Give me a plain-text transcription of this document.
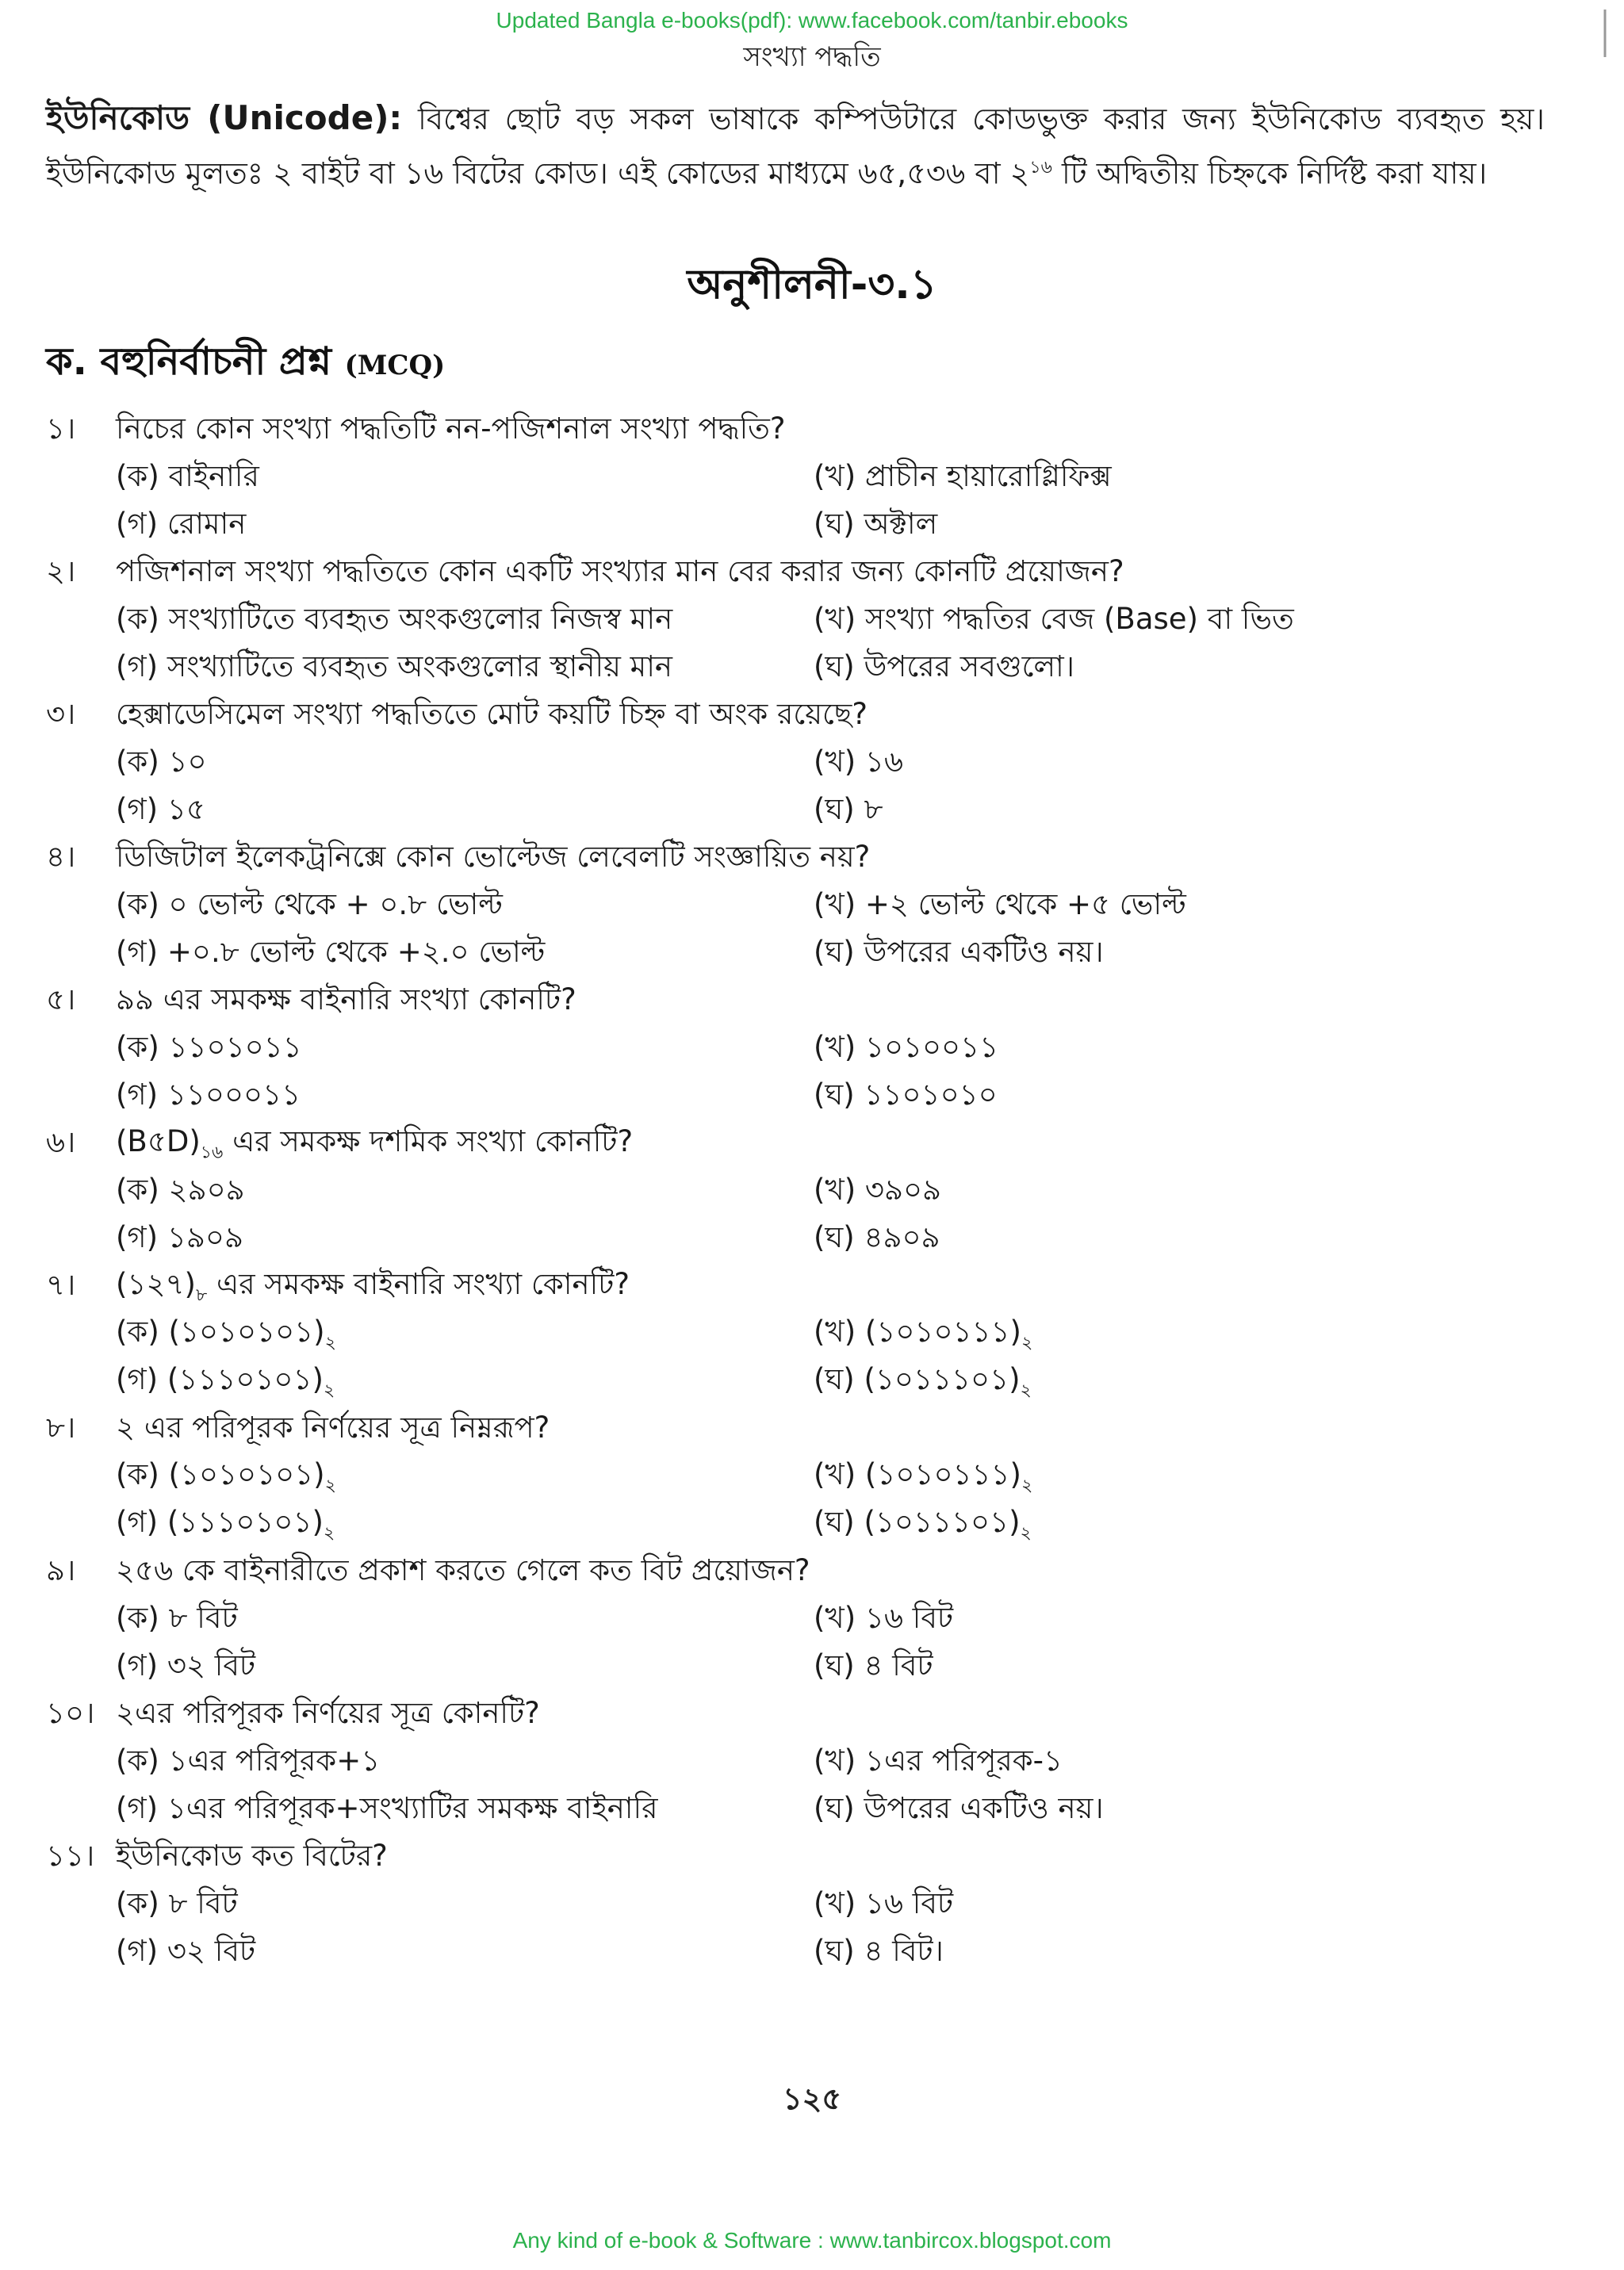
Updated Bangla e-books(pdf): www.facebook.com/tanbir.ebooks
সংখ্যা পদ্ধতি
ইউনিকোড (Unicode): বিশ্বের ছোট বড় সকল ভাষাকে কম্পিউটারে কোডভুক্ত করার জন্য ইউনিকোড ব্যবহৃত হয়। ইউনিকোড মূলতঃ ২ বাইট বা ১৬ বিটের কোড। এই কোডের মাধ্যমে ৬৫,৫৩৬ বা $২^{১৬}$ টি অদ্বিতীয় চিহ্নকে নির্দিষ্ট করা যায়।
অনুশীলনী-৩.১
ক. বহুনির্বাচনী প্রশ্ন (MCQ)
১।	নিচের কোন সংখ্যা পদ্ধতিটি নন-পজিশনাল সংখ্যা পদ্ধতি?
(ক) বাইনারি	(খ) প্রাচীন হায়ারোগ্লিফিক্স
(গ) রোমান	(ঘ) অক্টাল
২।	পজিশনাল সংখ্যা পদ্ধতিতে কোন একটি সংখ্যার মান বের করার জন্য কোনটি প্রয়োজন?
(ক) সংখ্যাটিতে ব্যবহৃত অংকগুলোর নিজস্ব মান	(খ) সংখ্যা পদ্ধতির বেজ (Base) বা ভিত
(গ) সংখ্যাটিতে ব্যবহৃত অংকগুলোর স্থানীয় মান	(ঘ) উপরের সবগুলো।
৩।	হেক্সাডেসিমেল সংখ্যা পদ্ধতিতে মোট কয়টি চিহ্ন বা অংক রয়েছে?
(ক) ১০	(খ) ১৬
(গ) ১৫	(ঘ) ৮
৪।	ডিজিটাল ইলেকট্রনিক্সে কোন ভোল্টেজ লেবেলটি সংজ্ঞায়িত নয়?
(ক) ০ ভোল্ট থেকে + ০.৮ ভোল্ট	(খ) +২ ভোল্ট থেকে +৫ ভোল্ট
(গ) +০.৮ ভোল্ট থেকে +২.০ ভোল্ট	(ঘ) উপরের একটিও নয়।
৫।	৯৯ এর সমকক্ষ বাইনারি সংখ্যা কোনটি?
(ক) ১১০১০১১	(খ) ১০১০০১১
(গ) ১১০০০১১	(ঘ) ১১০১০১০
৬।	$(B৫D)_{১৬}$ এর সমকক্ষ দশমিক সংখ্যা কোনটি?
(ক) ২৯০৯	(খ) ৩৯০৯
(গ) ১৯০৯	(ঘ) ৪৯০৯
৭।	$(১২৭)_৮$ এর সমকক্ষ বাইনারি সংখ্যা কোনটি?
(ক) $(১০১০১০১)_২$	(খ) $(১০১০১১১)_২$
(গ) $(১১১০১০১)_২$	(ঘ) $(১০১১১০১)_২$
৮।	২ এর পরিপূরক নির্ণয়ের সূত্র নিম্নরূপ?
(ক) $(১০১০১০১)_২$	(খ) $(১০১০১১১)_২$
(গ) $(১১১০১০১)_২$	(ঘ) $(১০১১১০১)_২$
৯।	২৫৬ কে বাইনারীতে প্রকাশ করতে গেলে কত বিট প্রয়োজন?
(ক) ৮ বিট	(খ) ১৬ বিট
(গ) ৩২ বিট	(ঘ) ৪ বিট
১০। ২এর পরিপূরক নির্ণয়ের সূত্র কোনটি?
(ক) ১এর পরিপূরক+১	(খ) ১এর পরিপূরক-১
(গ) ১এর পরিপূরক+সংখ্যাটির সমকক্ষ বাইনারি	(ঘ) উপরের একটিও নয়।
১১। ইউনিকোড কত বিটের?
(ক) ৮ বিট	(খ) ১৬ বিট
(গ) ৩২ বিট	(ঘ) ৪ বিট।
১২৫
Any kind of e-book & Software : www.tanbircox.blogspot.com
